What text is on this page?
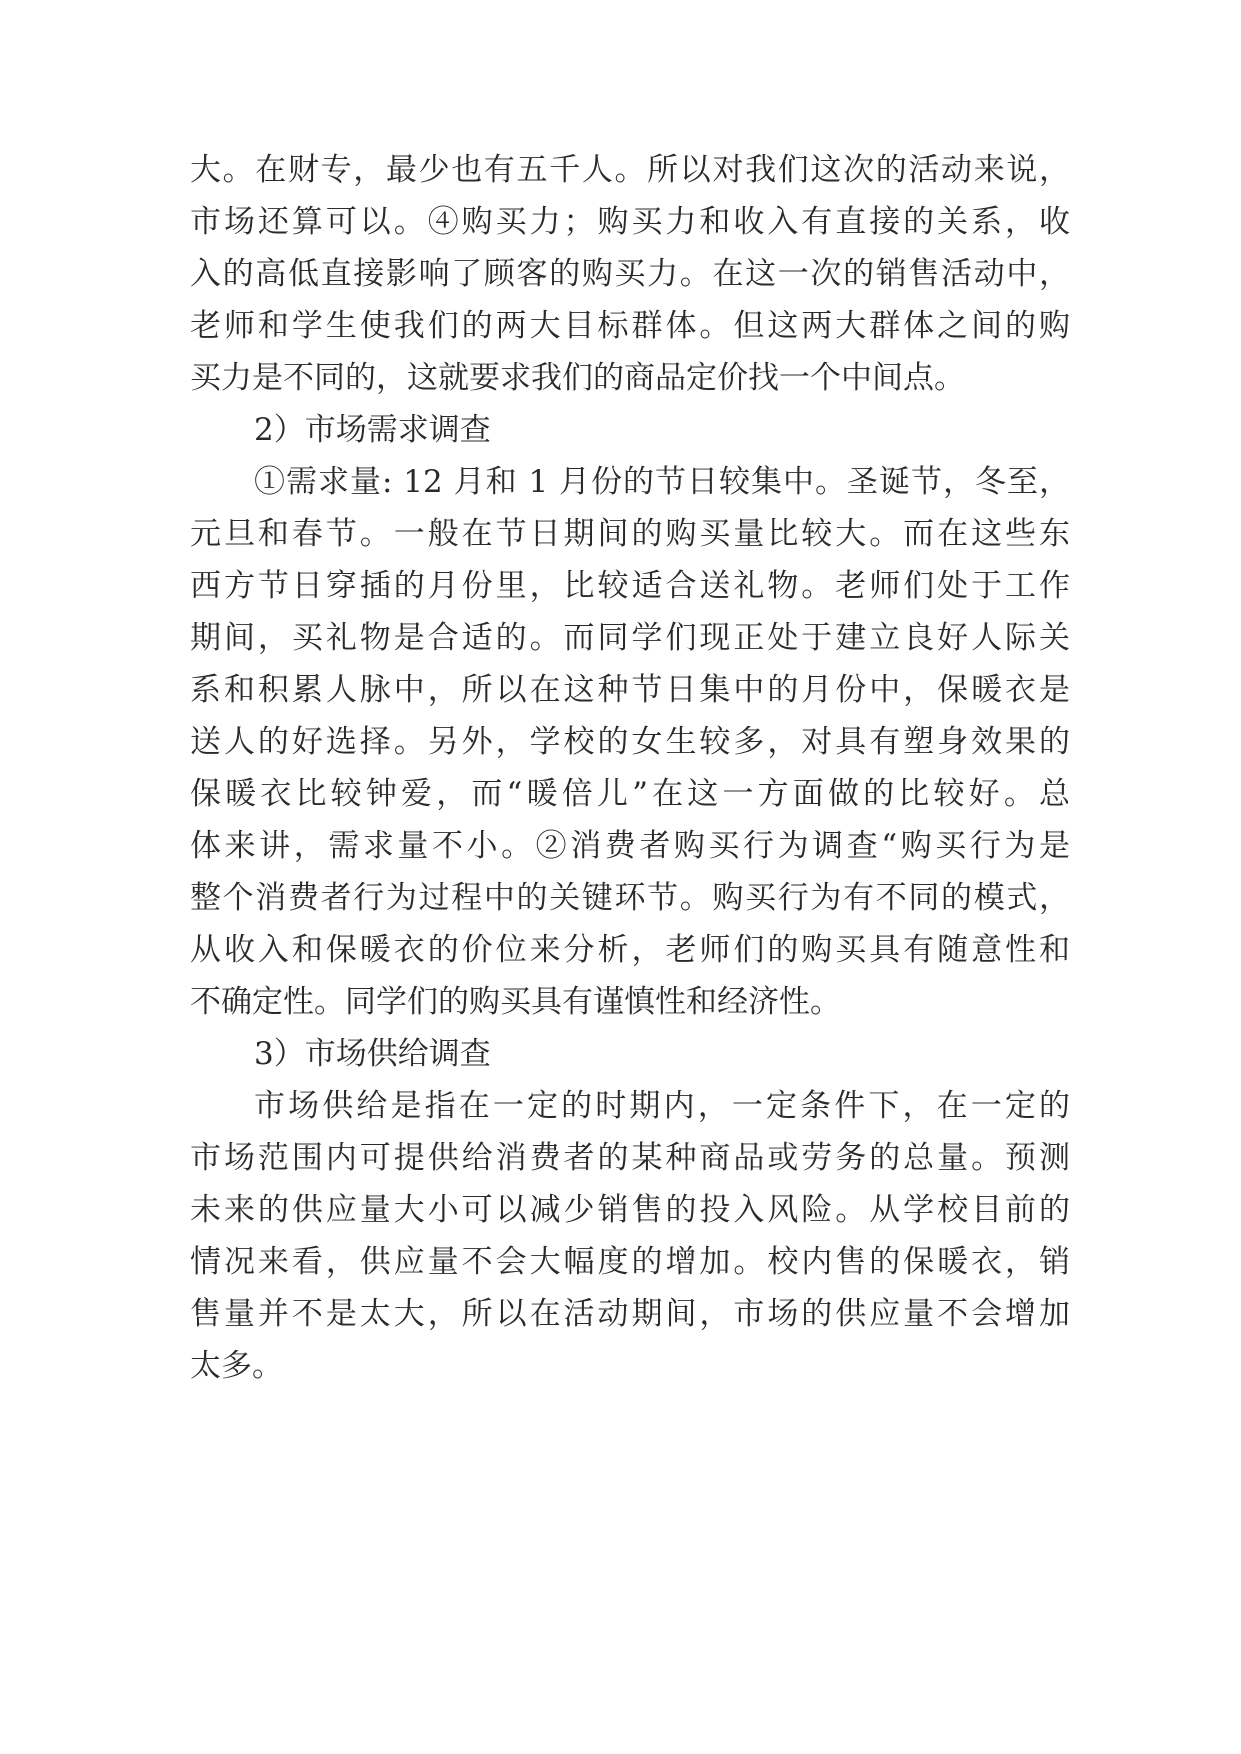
大。在财专，最少也有五千人。所以对我们这次的活动来说，
市场还算可以。④购买力；购买力和收入有直接的关系，收
入的高低直接影响了顾客的购买力。在这一次的销售活动中，
老师和学生使我们的两大目标群体。但这两大群体之间的购
买力是不同的，这就要求我们的商品定价找一个中间点。
2）市场需求调查
①需求量: 12 月和 1 月份的节日较集中。圣诞节，冬至，
元旦和春节。一般在节日期间的购买量比较大。而在这些东
西方节日穿插的月份里，比较适合送礼物。老师们处于工作
期间，买礼物是合适的。而同学们现正处于建立良好人际关
系和积累人脉中，所以在这种节日集中的月份中，保暖衣是
送人的好选择。另外，学校的女生较多，对具有塑身效果的
保暖衣比较钟爱，而“暖倍儿”在这一方面做的比较好。总
体来讲，需求量不小。②消费者购买行为调查“购买行为是
整个消费者行为过程中的关键环节。购买行为有不同的模式，
从收入和保暖衣的价位来分析，老师们的购买具有随意性和
不确定性。同学们的购买具有谨慎性和经济性。
3）市场供给调查
市场供给是指在一定的时期内，一定条件下，在一定的
市场范围内可提供给消费者的某种商品或劳务的总量。预测
未来的供应量大小可以减少销售的投入风险。从学校目前的
情况来看，供应量不会大幅度的增加。校内售的保暖衣，销
售量并不是太大，所以在活动期间，市场的供应量不会增加
太多。
